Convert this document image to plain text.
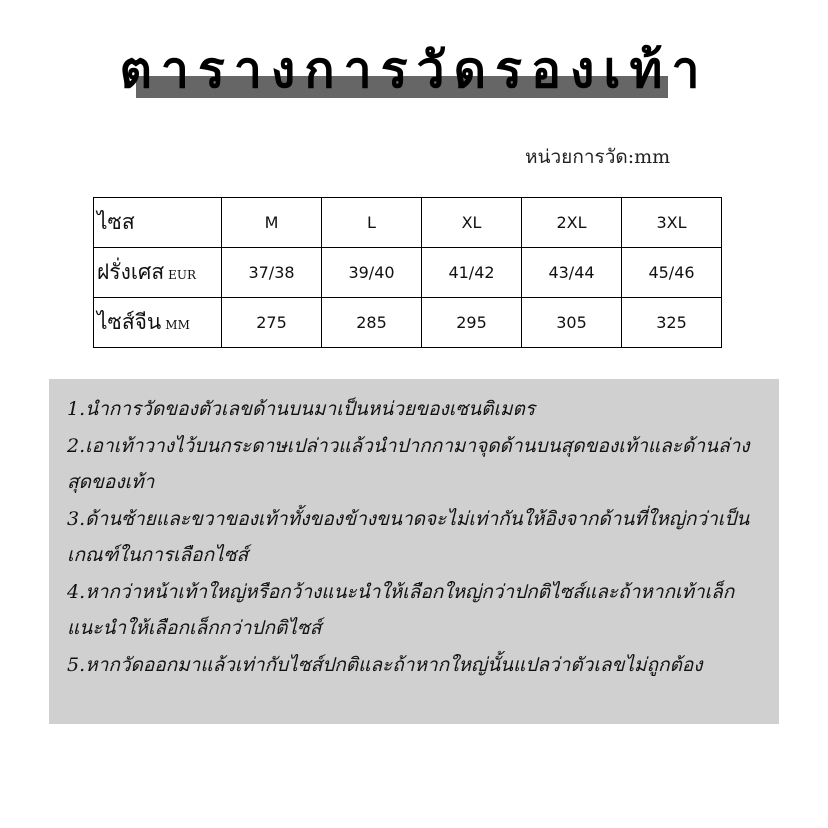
ตารางการวัดรองเท้า
หน่วยการวัด:mm
ไซส	M	L	XL	2XL	3XL
ฝรั่งเศส EUR	37/38	39/40	41/42	43/44	45/46
ไซส์จีน MM	275	285	295	305	325

1.นำการวัดของตัวเลขด้านบนมาเป็นหน่วยของเซนติเมตร

2.เอาเท้าวางไว้บนกระดาษเปล่าวแล้วนำปากกามาจุดด้านบนสุดของเท้าและด้านล่างสุดของเท้า

3.ด้านซ้ายและขวาของเท้าทั้งของข้างขนาดจะไม่เท่ากันให้อิงจากด้านที่ใหญ่กว่าเป็นเกณฑ์ในการเลือกไซส์

4.หากว่าหน้าเท้าใหญ่หรือกว้างแนะนำให้เลือกใหญ่กว่าปกติไซส์และถ้าหากเท้าเล็กแนะนำให้เลือกเล็กกว่าปกติไซส์

5.หากวัดออกมาแล้วเท่ากับไซส์ปกติและถ้าหากใหญ่นั้นแปลว่าตัวเลขไม่ถูกต้อง
